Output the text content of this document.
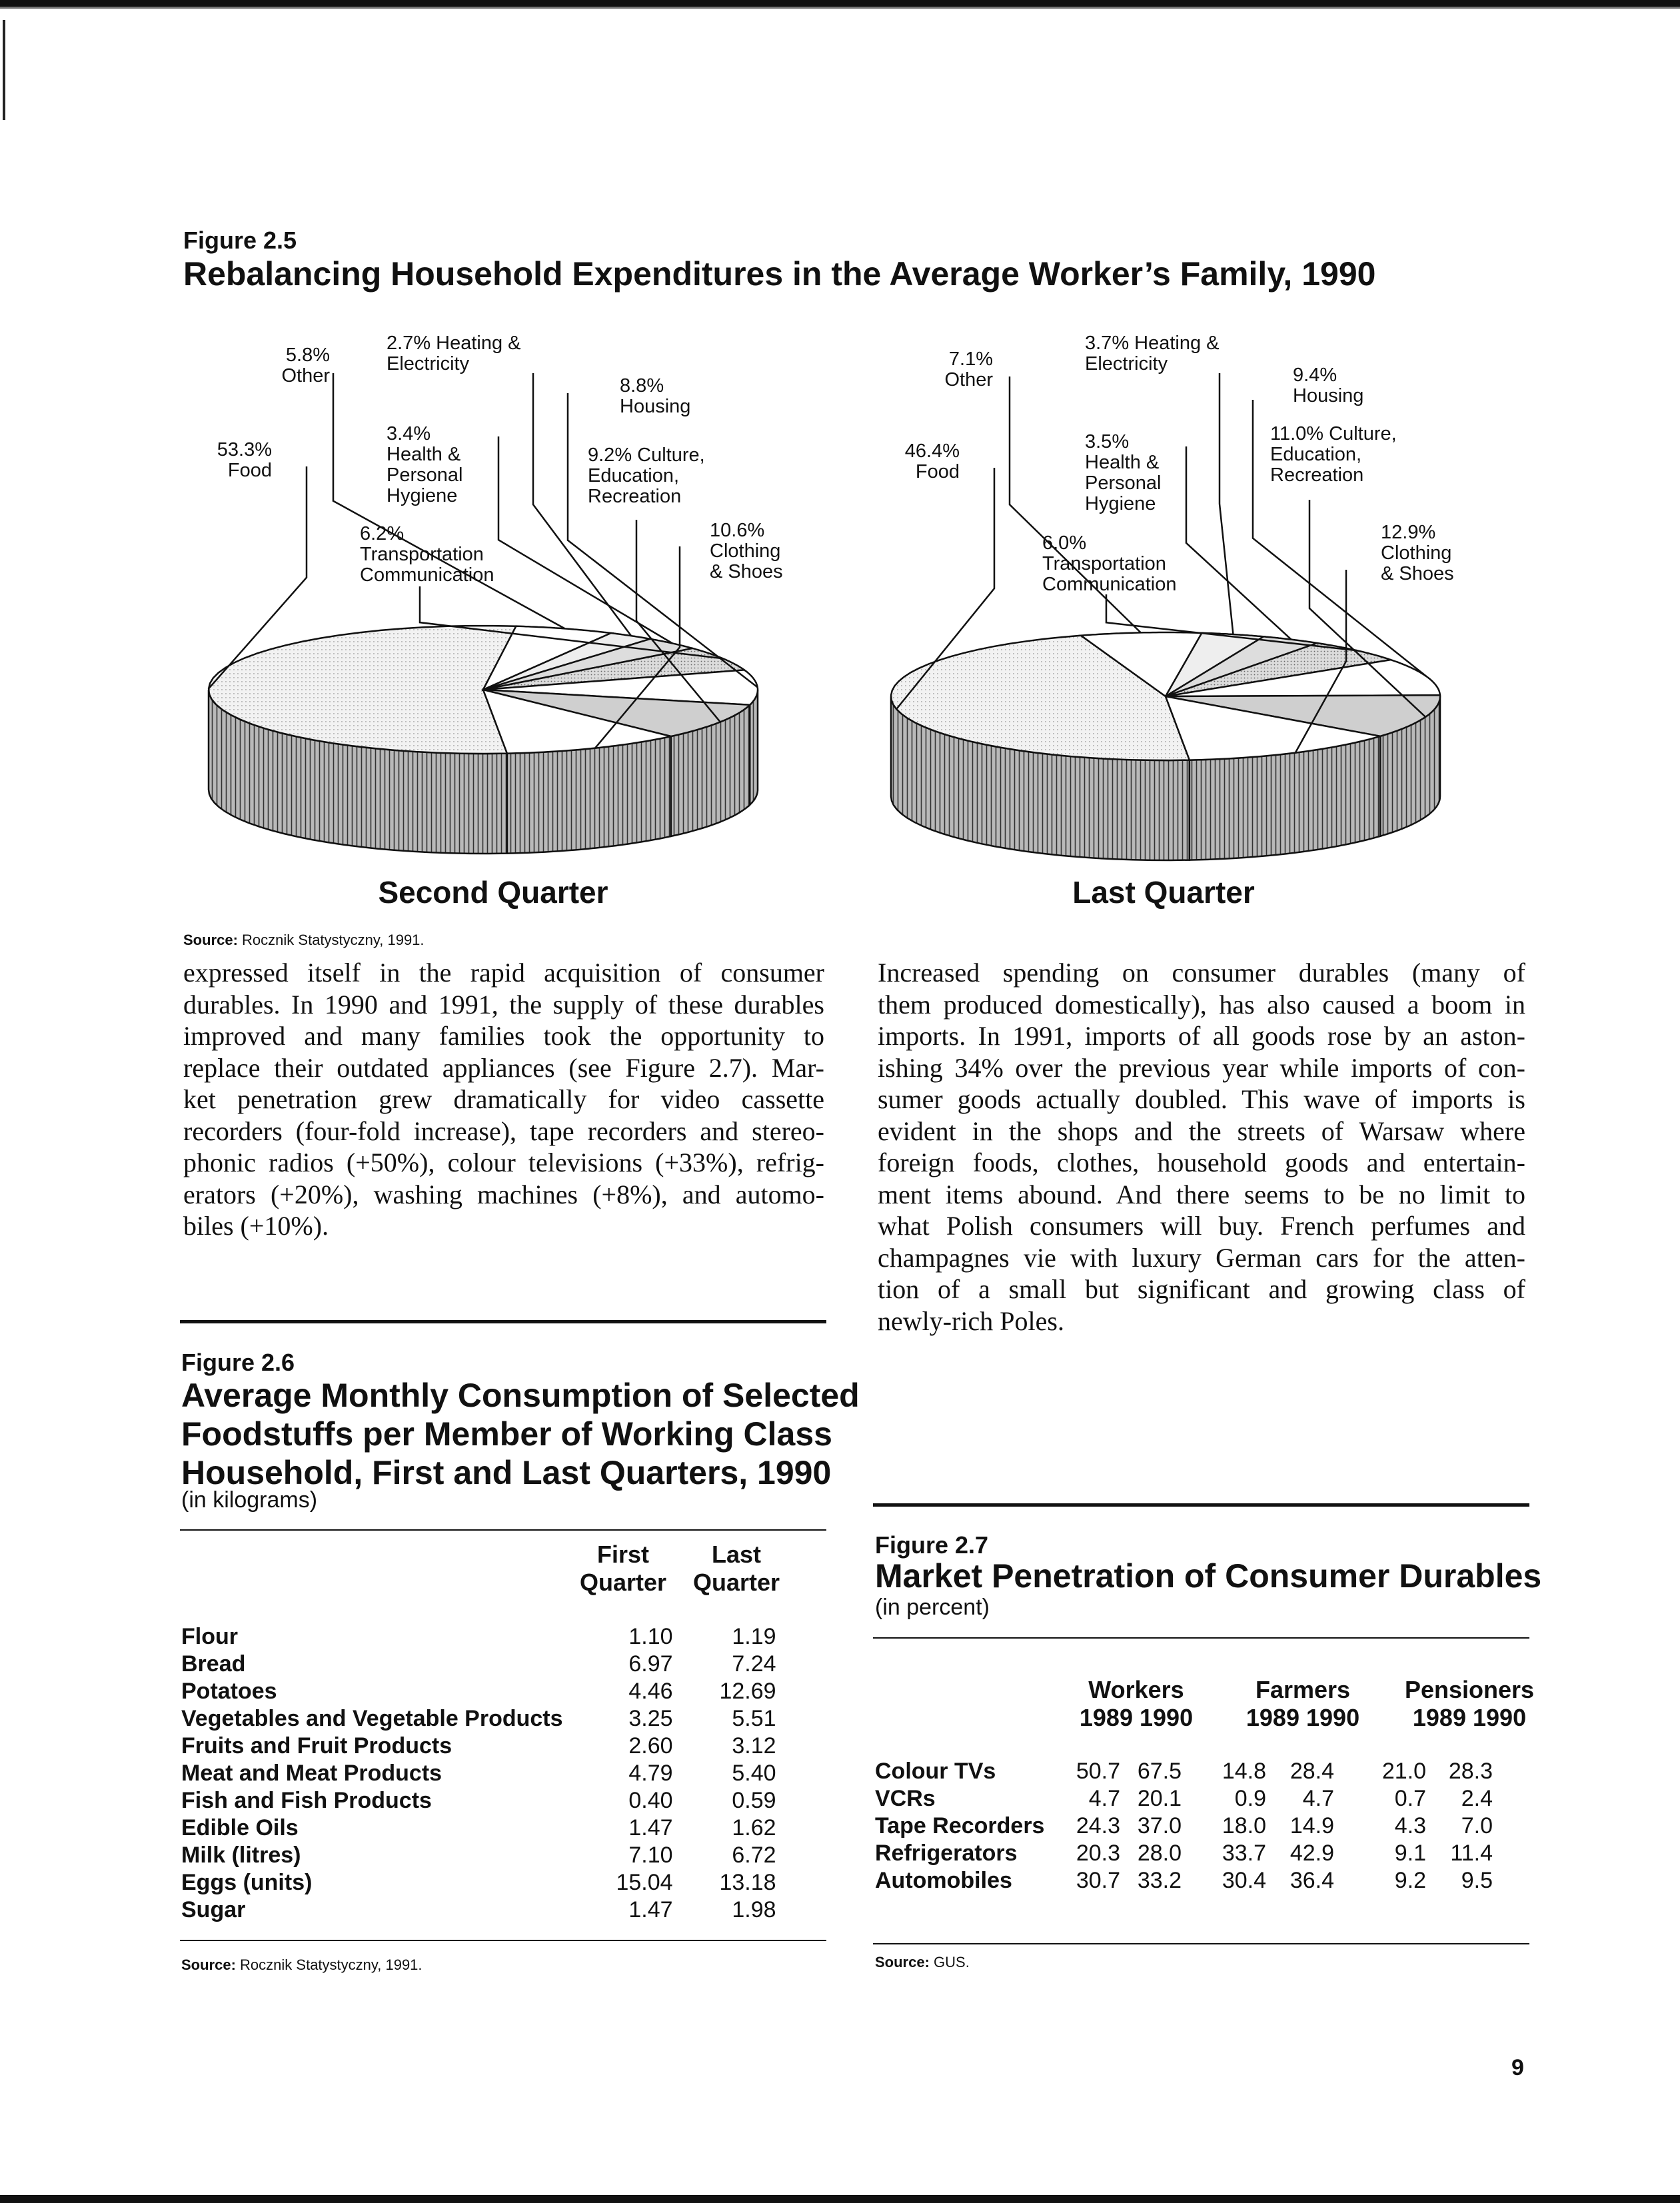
Figure 2.5
Rebalancing Household Expenditures in the Average Worker’s Family, 1990
53.3% Food
5.8% Other
2.7% Heating & Electricity
3.4% Health & Personal Hygiene
6.2% Transportation Communication
8.8% Housing
9.2% Culture, Education, Recreation
10.6% Clothing & Shoes
46.4% Food
7.1% Other
3.7% Heating & Electricity
3.5% Health & Personal Hygiene
6.0% Transportation Communication
9.4% Housing
11.0% Culture, Education, Recreation
12.9% Clothing & Shoes
Second Quarter	Last Quarter
Source: Rocznik Statystyczny, 1991.
expressed itself in the rapid acquisition of consumer
durables. In 1990 and 1991, the supply of these durables
improved and many families took the opportunity to
replace their outdated appliances (see Figure 2.7). Mar-
ket penetration grew dramatically for video cassette
recorders (four-fold increase), tape recorders and stereo-
phonic radios (+50%), colour televisions (+33%), refrig-
erators (+20%), washing machines (+8%), and automo-
biles (+10%).
Increased spending on consumer durables (many of
them produced domestically), has also caused a boom in
imports. In 1991, imports of all goods rose by an aston-
ishing 34% over the previous year while imports of con-
sumer goods actually doubled. This wave of imports is
evident in the shops and the streets of Warsaw where
foreign foods, clothes, household goods and entertain-
ment items abound. And there seems to be no limit to
what Polish consumers will buy. French perfumes and
champagnes vie with luxury German cars for the atten-
tion of a small but significant and growing class of
newly-rich Poles.
Figure 2.6
Average Monthly Consumption of Selected
Foodstuffs per Member of Working Class
Household, First and Last Quarters, 1990
(in kilograms)
First
Quarter
Last
Quarter
Flour	1.10	1.19
Bread	6.97	7.24
Potatoes	4.46	12.69
Vegetables and Vegetable Products	3.25	5.51
Fruits and Fruit Products	2.60	3.12
Meat and Meat Products	4.79	5.40
Fish and Fish Products	0.40	0.59
Edible Oils	1.47	1.62
Milk (litres)	7.10	6.72
Eggs (units)	15.04	13.18
Sugar	1.47	1.98
Source: Rocznik Statystyczny, 1991.
Figure 2.7
Market Penetration of Consumer Durables
(in percent)
Workers
1989 1990
Farmers
1989 1990
Pensioners
1989 1990
Colour TVs	50.7	67.5	14.8	28.4	21.0	28.3
VCRs	4.7	20.1	0.9	4.7	0.7	2.4
Tape Recorders	24.3	37.0	18.0	14.9	4.3	7.0
Refrigerators	20.3	28.0	33.7	42.9	9.1	11.4
Automobiles	30.7	33.2	30.4	36.4	9.2	9.5
Source: GUS.
9
